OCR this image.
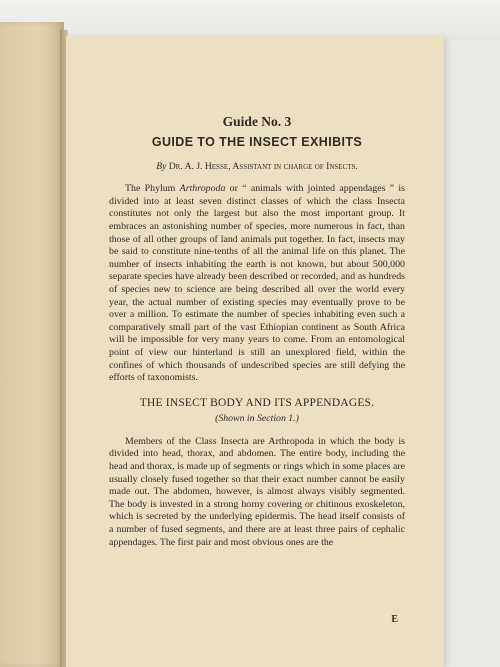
Guide No. 3
GUIDE TO THE INSECT EXHIBITS
By Dr. A. J. Hesse, Assistant in charge of Insects.

The Phylum Arthropoda or “ animals with jointed appendages ” is divided into at least seven distinct classes of which the class Insecta constitutes not only the largest but also the most important group. It embraces an astonishing number of species, more numerous in fact, than those of all other groups of land animals put together. In fact, insects may be said to constitute nine-tenths of all the animal life on this planet. The number of insects inhabiting the earth is not known, but about 500,000 separate species have already been described or recorded, and as hundreds of species new to science are being described all over the world every year, the actual number of existing species may eventually prove to be over a million. To estimate the number of species inhabiting even such a comparatively small part of the vast Ethiopian continent as South Africa will be impossible for very many years to come. From an entomological point of view our hinterland is still an unexplored field, within the confines of which thousands of undescribed species are still defying the efforts of taxonomists.

THE INSECT BODY AND ITS APPENDAGES.
(Shown in Section 1.)

Members of the Class Insecta are Arthropoda in which the body is divided into head, thorax, and abdomen. The entire body, including the head and thorax, is made up of segments or rings which in some places are usually closely fused together so that their exact number cannot be easily made out. The abdomen, however, is almost always visibly segmented. The body is invested in a strong horny covering or chitinous exoskeleton, which is secreted by the underlying epidermis. The head itself consists of a number of fused segments, and there are at least three pairs of cephalic appendages. The first pair and most obvious ones are the

E
